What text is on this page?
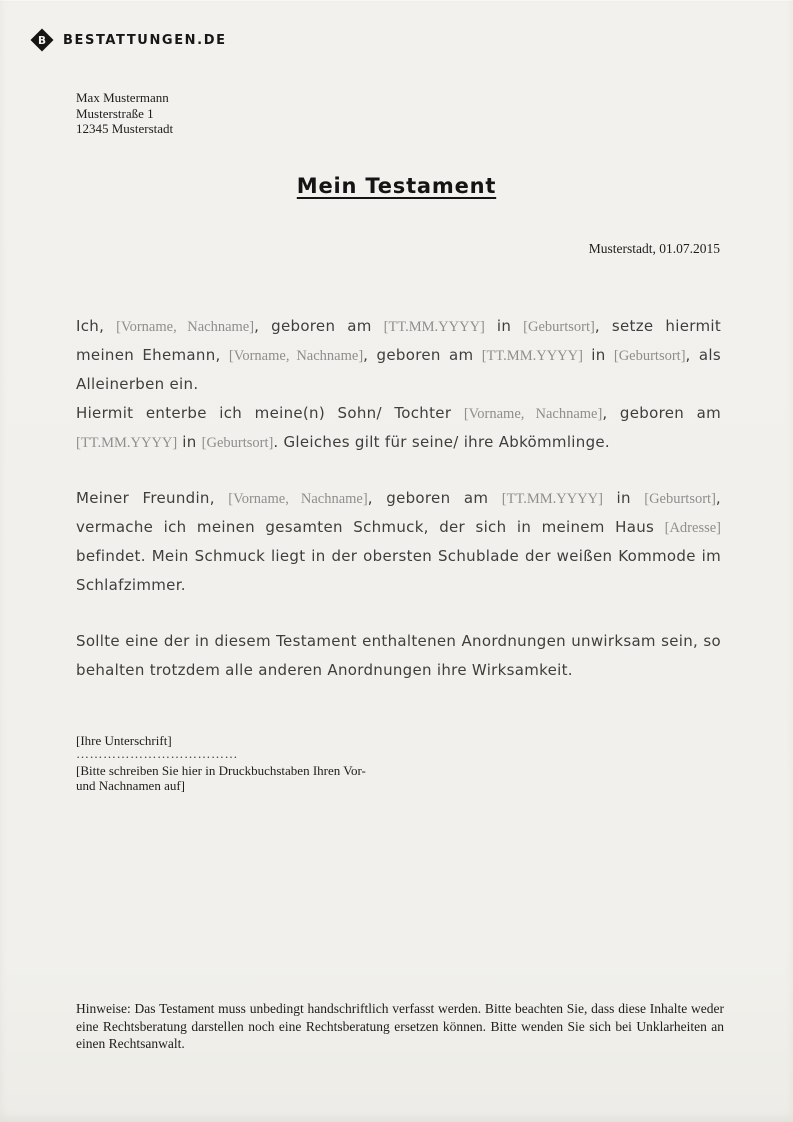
B BESTATTUNGEN.DE
Max Mustermann
Musterstraße 1
12345 Musterstadt
Mein Testament
Musterstadt, 01.07.2015

Ich, [Vorname, Nachname], geboren am [TT.MM.YYYY] in [Geburtsort], setze hiermit meinen Ehemann, [Vorname, Nachname], geboren am [TT.MM.YYYY] in [Geburtsort], als Alleinerben ein.
Hiermit enterbe ich meine(n) Sohn/ Tochter [Vorname, Nachname], geboren am [TT.MM.YYYY] in [Geburtsort]. Gleiches gilt für seine/ ihre Abkömmlinge.

Meiner Freundin, [Vorname, Nachname], geboren am [TT.MM.YYYY] in [Geburtsort], vermache ich meinen gesamten Schmuck, der sich in meinem Haus [Adresse] befindet. Mein Schmuck liegt in der obersten Schublade der weißen Kommode im Schlafzimmer.

Sollte eine der in diesem Testament enthaltenen Anordnungen unwirksam sein, so behalten trotzdem alle anderen Anordnungen ihre Wirksamkeit.

[Ihre Unterschrift]
………………………………
[Bitte schreiben Sie hier in Druckbuchstaben Ihren Vor- und Nachnamen auf]
Hinweise: Das Testament muss unbedingt handschriftlich verfasst werden. Bitte beachten Sie, dass diese Inhalte weder eine Rechtsberatung darstellen noch eine Rechtsberatung ersetzen können. Bitte wenden Sie sich bei Unklarheiten an einen Rechtsanwalt.
